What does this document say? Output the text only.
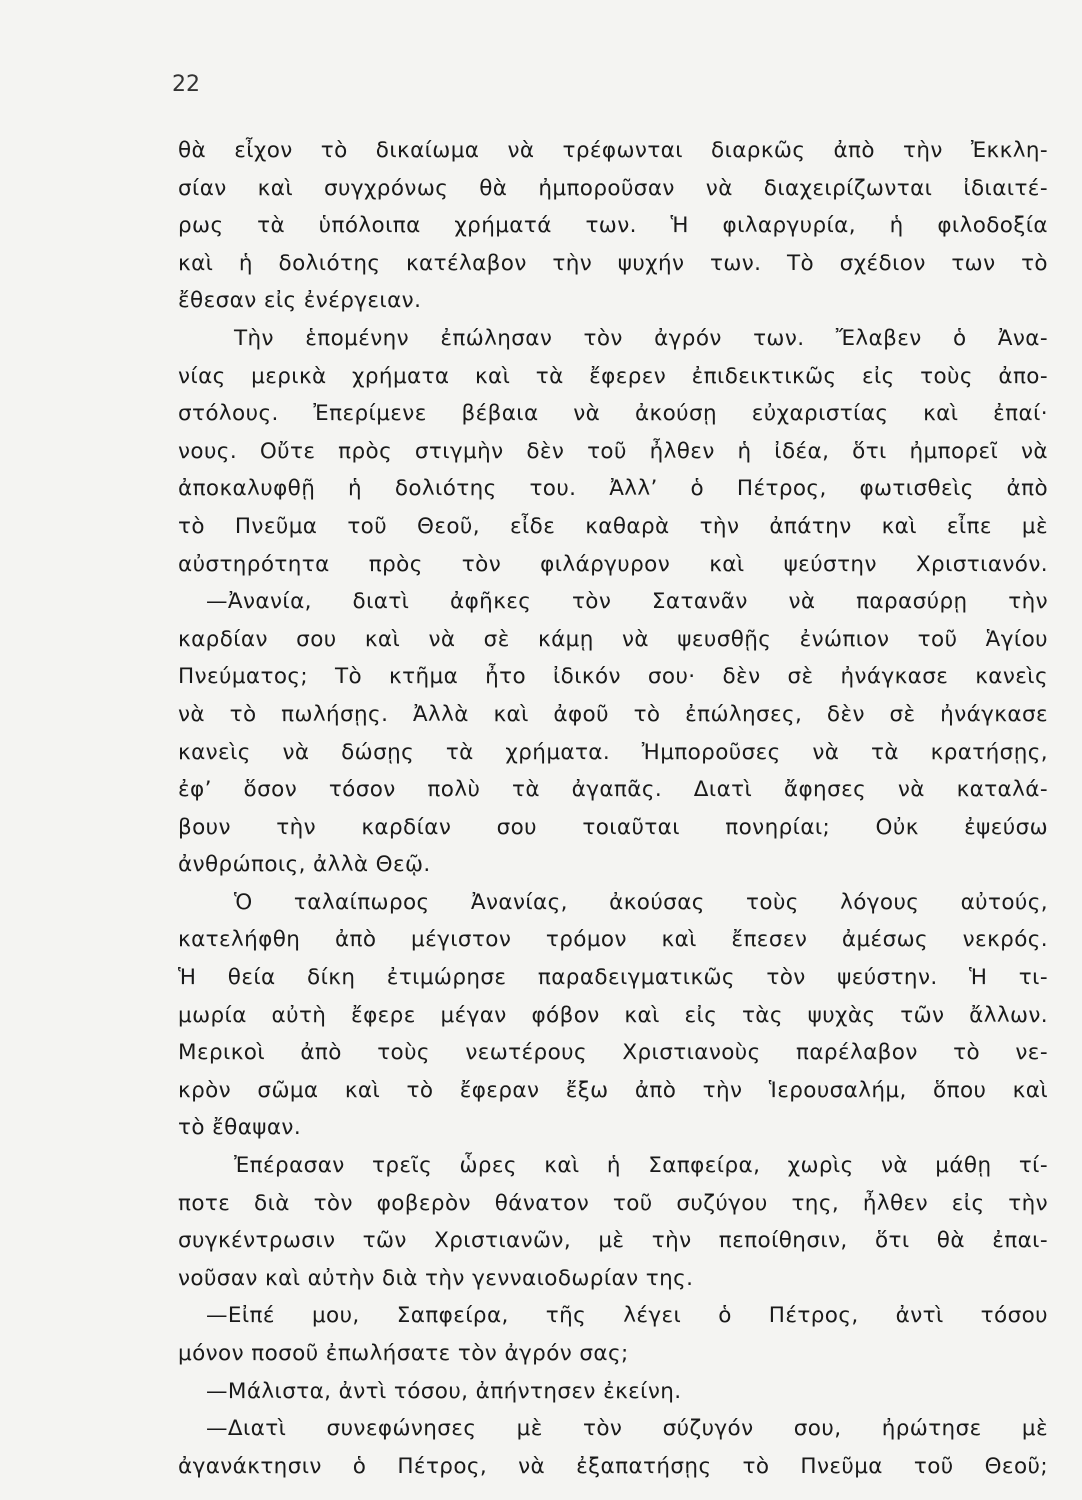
22
θὰ εἶχον τὸ δικαίωμα νὰ τρέφωνται διαρκῶς ἀπὸ τὴν Ἐκκλη-
σίαν καὶ συγχρόνως θὰ ἠμποροῦσαν νὰ διαχειρίζωνται ἰδιαιτέ-
ρως τὰ ὑπόλοιπα χρήματά των. Ἡ φιλαργυρία, ἡ φιλοδοξία
καὶ ἡ δολιότης κατέλαβον τὴν ψυχήν των. Τὸ σχέδιον των τὸ
ἔθεσαν εἰς ἐνέργειαν.
Τὴν ἑπομένην ἐπώλησαν τὸν ἀγρόν των. Ἔλαβεν ὁ Ἀνα-
νίας μερικὰ χρήματα καὶ τὰ ἔφερεν ἐπιδεικτικῶς εἰς τοὺς ἀπο-
στόλους. Ἐπερίμενε βέβαια νὰ ἀκούσῃ εὐχαριστίας καὶ ἐπαί·
νους. Οὔτε πρὸς στιγμὴν δὲν τοῦ ἦλθεν ἡ ἰδέα, ὅτι ἠμπορεῖ νὰ
ἀποκαλυφθῇ ἡ δολιότης του. Ἀλλ’ ὁ Πέτρος, φωτισθεὶς ἀπὸ
τὸ Πνεῦμα τοῦ Θεοῦ, εἶδε καθαρὰ τὴν ἀπάτην καὶ εἶπε μὲ
αὐστηρότητα πρὸς τὸν φιλάργυρον καὶ ψεύστην Χριστιανόν.
—Ἀνανία, διατὶ ἀφῆκες τὸν Σατανᾶν νὰ παρασύρῃ τὴν
καρδίαν σου καὶ νὰ σὲ κάμῃ νὰ ψευσθῇς ἐνώπιον τοῦ Ἁγίου
Πνεύματος; Τὸ κτῆμα ἦτο ἰδικόν σου· δὲν σὲ ἠνάγκασε κανεὶς
νὰ τὸ πωλήσῃς. Ἀλλὰ καὶ ἀφοῦ τὸ ἐπώλησες, δὲν σὲ ἠνάγκασε
κανεὶς νὰ δώσῃς τὰ χρήματα. Ἠμποροῦσες νὰ τὰ κρατήσῃς,
ἐφ’ ὅσον τόσον πολὺ τὰ ἀγαπᾶς. Διατὶ ἄφησες νὰ καταλά-
βουν τὴν καρδίαν σου τοιαῦται πονηρίαι; Οὐκ ἐψεύσω
ἀνθρώποις, ἀλλὰ Θεῷ.
Ὁ ταλαίπωρος Ἀνανίας, ἀκούσας τοὺς λόγους αὐτούς,
κατελήφθη ἀπὸ μέγιστον τρόμον καὶ ἔπεσεν ἀμέσως νεκρός.
Ἡ θεία δίκη ἐτιμώρησε παραδειγματικῶς τὸν ψεύστην. Ἡ τι-
μωρία αὐτὴ ἔφερε μέγαν φόβον καὶ εἰς τὰς ψυχὰς τῶν ἄλλων.
Μερικοὶ ἀπὸ τοὺς νεωτέρους Χριστιανοὺς παρέλαβον τὸ νε-
κρὸν σῶμα καὶ τὸ ἔφεραν ἔξω ἀπὸ τὴν Ἱερουσαλήμ, ὅπου καὶ
τὸ ἔθαψαν.
Ἐπέρασαν τρεῖς ὧρες καὶ ἡ Σαπφείρα, χωρὶς νὰ μάθῃ τί-
ποτε διὰ τὸν φοβερὸν θάνατον τοῦ συζύγου της, ἦλθεν εἰς τὴν
συγκέντρωσιν τῶν Χριστιανῶν, μὲ τὴν πεποίθησιν, ὅτι θὰ ἐπαι-
νοῦσαν καὶ αὐτὴν διὰ τὴν γενναιοδωρίαν της.
—Εἰπέ μου, Σαπφείρα, τῆς λέγει ὁ Πέτρος, ἀντὶ τόσου
μόνον ποσοῦ ἐπωλήσατε τὸν ἀγρόν σας;
—Μάλιστα, ἀντὶ τόσου, ἀπήντησεν ἐκείνη.
—Διατὶ συνεφώνησες μὲ τὸν σύζυγόν σου, ἠρώτησε μὲ
ἀγανάκτησιν ὁ Πέτρος, νὰ ἐξαπατήσῃς τὸ Πνεῦμα τοῦ Θεοῦ;
